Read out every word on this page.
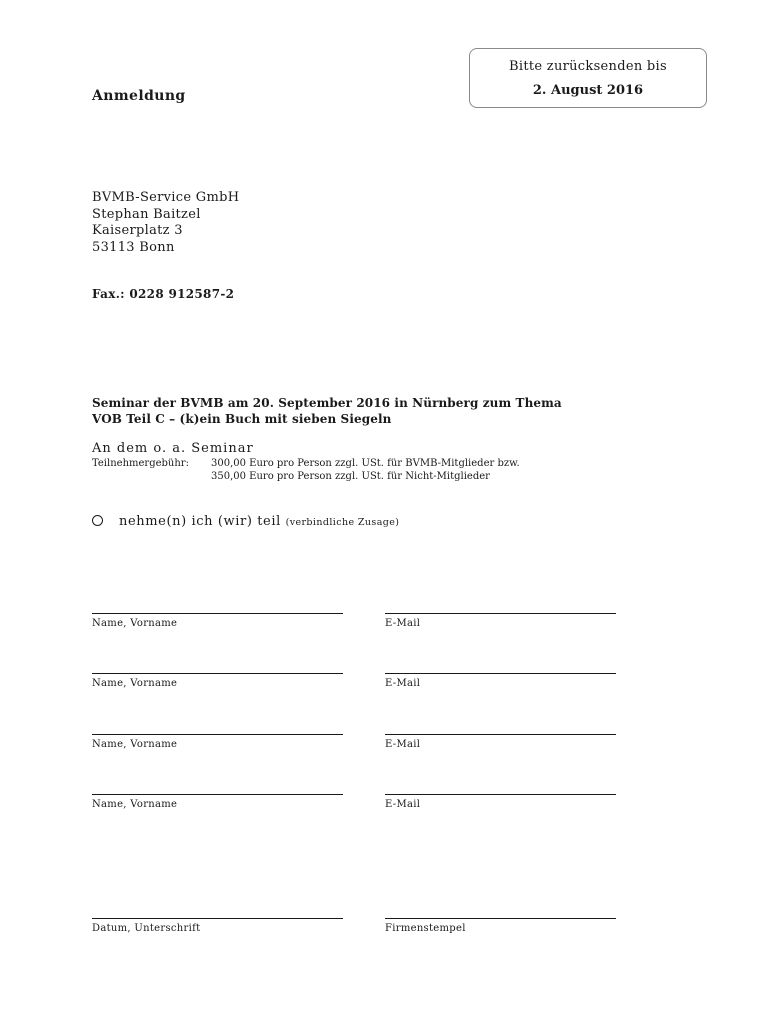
Bitte zurücksenden bis
2. August 2016
Anmeldung
BVMB-Service GmbH
Stephan Baitzel
Kaiserplatz 3
53113 Bonn
Fax.: 0228 912587-2
Seminar der BVMB am 20. September 2016 in Nürnberg zum Thema
VOB Teil C – (k)ein Buch mit sieben Siegeln
An dem o. a. Seminar
Teilnehmergebühr: 300,00 Euro pro Person zzgl. USt. für BVMB-Mitglieder bzw.
350,00 Euro pro Person zzgl. USt. für Nicht-Mitglieder
nehme(n) ich (wir) teil (verbindliche Zusage)
Name, Vorname	E-Mail
Name, Vorname	E-Mail
Name, Vorname	E-Mail
Name, Vorname	E-Mail
Datum, Unterschrift	Firmenstempel
